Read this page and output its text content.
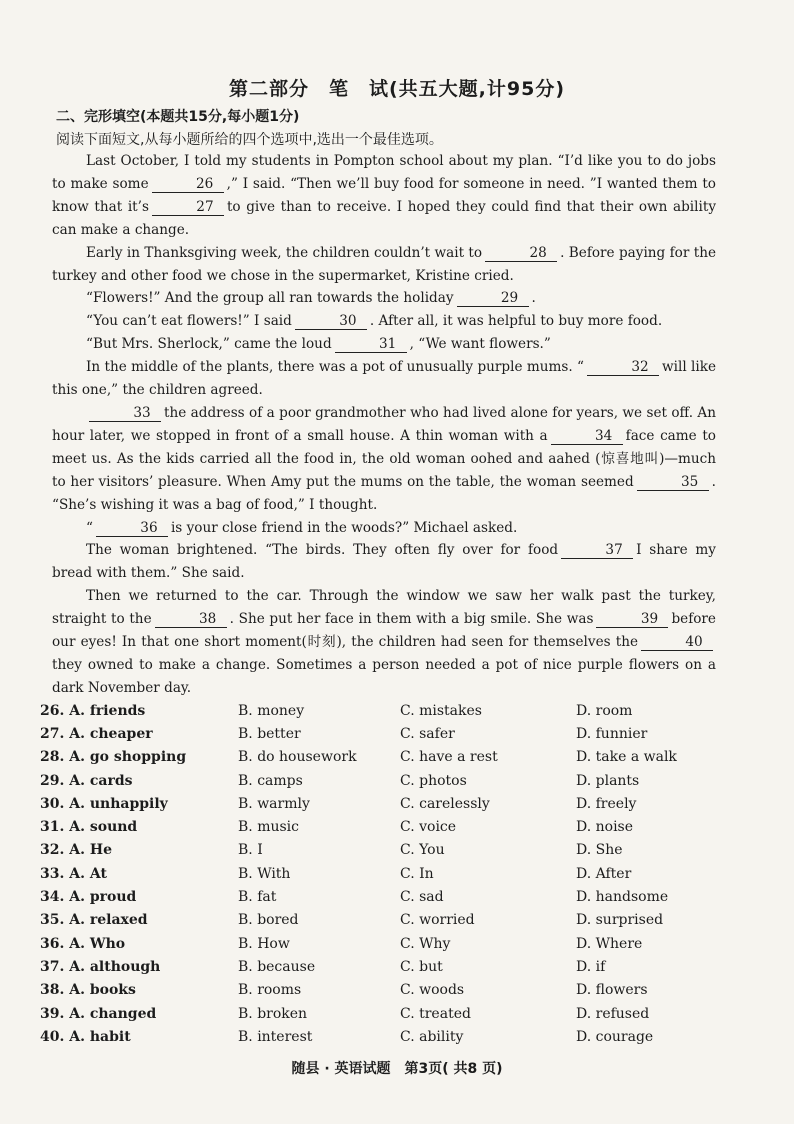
第二部分　笔　试(共五大题,计95分)
二、完形填空(本题共15分,每小题1分)
阅读下面短文,从每小题所给的四个选项中,选出一个最佳选项。

Last October, I told my students in Pompton school about my plan. “I’d like you to do jobs to make some	26 ,” I said. “Then we’ll buy food for someone in need. ”I wanted them to know that it’s	27 to give than to receive. I hoped they could find that their own ability can make a change.

Early in Thanksgiving week, the children couldn’t wait to	28 . Before paying for the turkey and other food we chose in the supermarket, Kristine cried.

“Flowers!” And the group all ran towards the holiday	29 .

“You can’t eat flowers!” I said	30 . After all, it was helpful to buy more food.

“But Mrs. Sherlock,” came the loud	31 , “We want flowers.”

In the middle of the plants, there was a pot of unusually purple mums. “	32 will like this one,” the children agreed.

33 the address of a poor grandmother who had lived alone for years, we set off. An hour later, we stopped in front of a small house. A thin woman with a	34 face came to meet us. As the kids carried all the food in, the old woman oohed and aahed (惊喜地叫)—much to her visitors’ pleasure. When Amy put the mums on the table, the woman seemed	35 . “She’s wishing it was a bag of food,” I thought.

“	36 is your close friend in the woods?” Michael asked.

The woman brightened. “The birds. They often fly over for food	37 I share my bread with them.” She said.

Then we returned to the car. Through the window we saw her walk past the turkey, straight to the	38 . She put her face in them with a big smile. She was	39 before our eyes! In that one short moment(时刻), the children had seen for themselves the	40they owned to make a change. Sometimes a person needed a pot of nice purple flowers on a dark November day.

26. A. friends	B. money	C. mistakes	D. room
27. A. cheaper	B. better	C. safer	D. funnier
28. A. go shopping	B. do housework	C. have a rest	D. take a walk
29. A. cards	B. camps	C. photos	D. plants
30. A. unhappily	B. warmly	C. carelessly	D. freely
31. A. sound	B. music	C. voice	D. noise
32. A. He	B. I	C. You	D. She
33. A. At	B. With	C. In	D. After
34. A. proud	B. fat	C. sad	D. handsome
35. A. relaxed	B. bored	C. worried	D. surprised
36. A. Who	B. How	C. Why	D. Where
37. A. although	B. because	C. but	D. if
38. A. books	B. rooms	C. woods	D. flowers
39. A. changed	B. broken	C. treated	D. refused
40. A. habit	B. interest	C. ability	D. courage
随县 · 英语试题　第3页( 共8 页)
